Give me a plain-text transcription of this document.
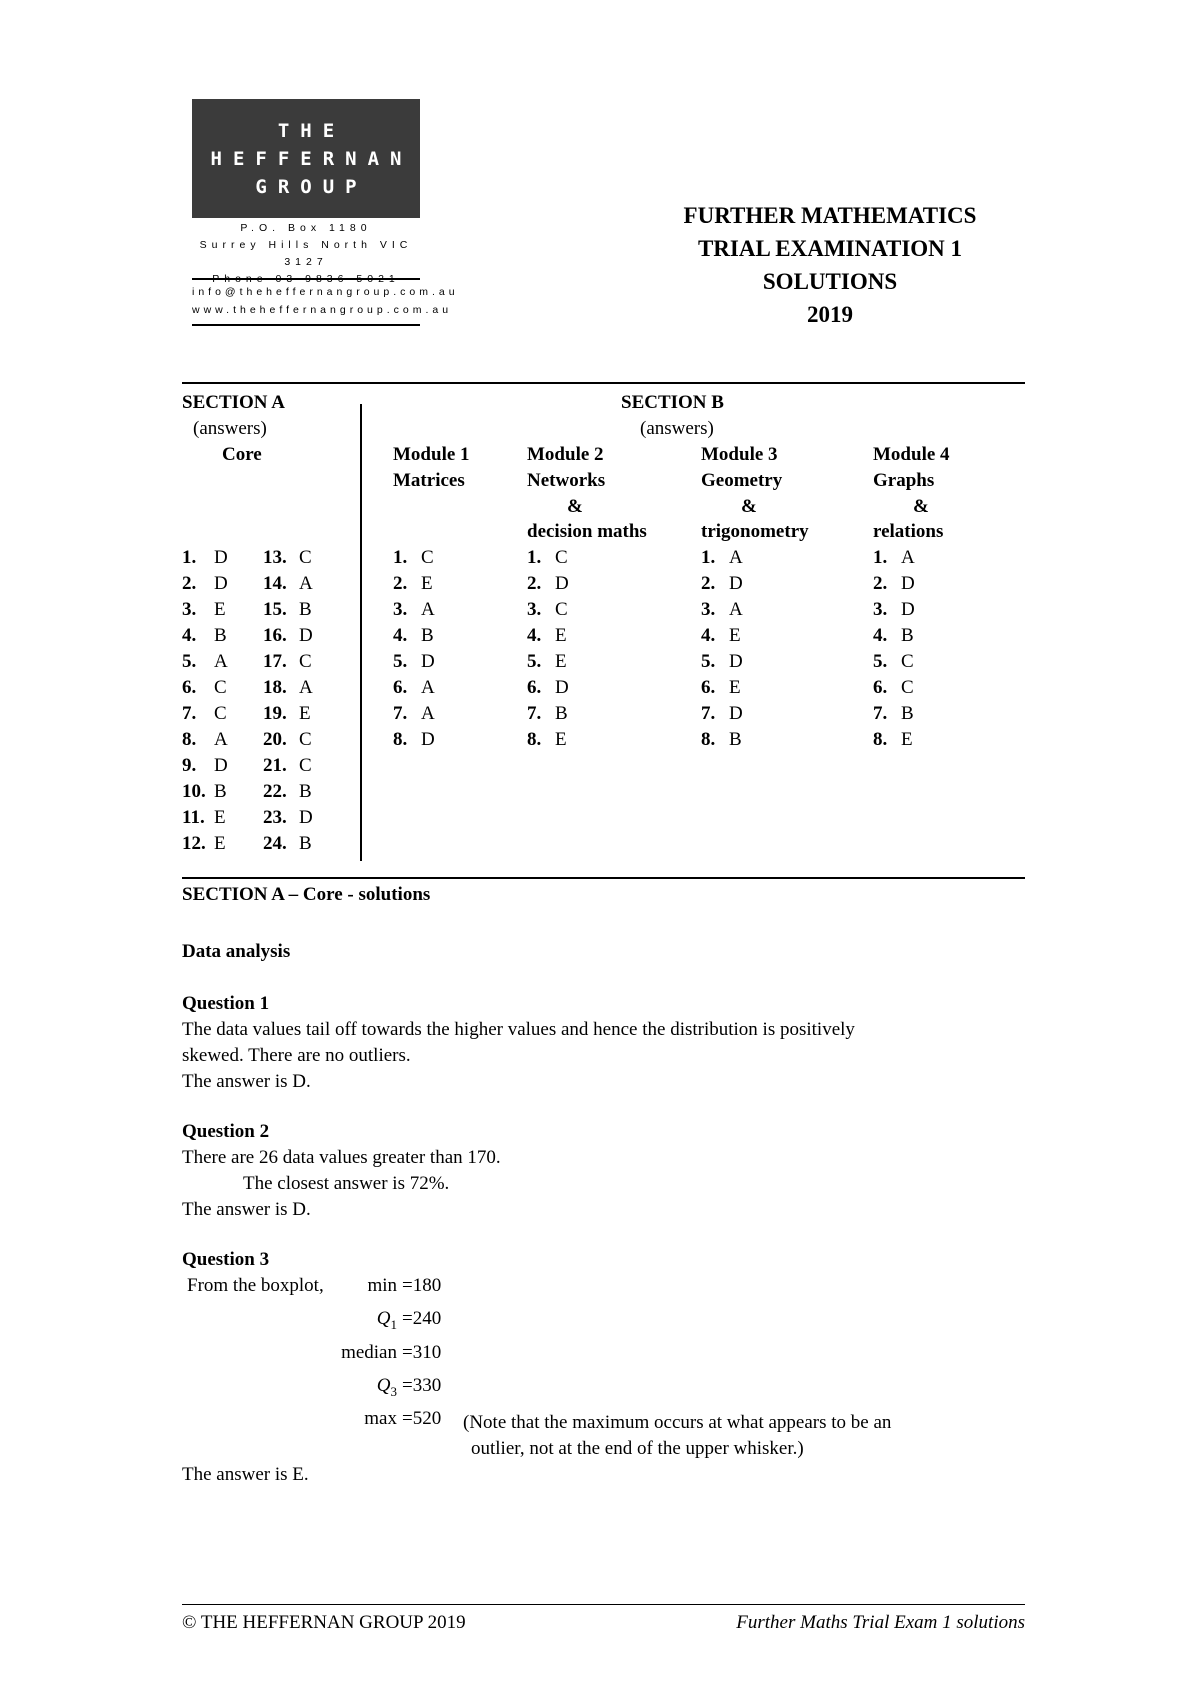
THE
HEFFERNAN
GROUP
P.O. Box 1180
Surrey Hills North VIC 3127
info@theheffernangroup.com.au
www.theheffernangroup.com.au
FURTHER MATHEMATICS
TRIAL EXAMINATION 1
SOLUTIONS
2019
SECTION A
(answers)
Core
1. D
2. D
3. E
4. B
5. A
6. C
7. C
8. A
9. D
10. B
11. E
12. E
13. C
14. A
15. B
16. D
17. C
18. A
19. E
20. C
21. C
22. B
23. D
24. B
SECTION B
(answers)
Module 1
Matrices
1. C
2. E
3. A
4. B
5. D
6. A
7. A
8. D
Module 2
Networks
&
decision maths
1. C
2. D
3. C
4. E
5. E
6. D
7. B
8. E
Module 3
Geometry
&
trigonometry
1. A
2. D
3. A
4. E
5. D
6. E
7. D
8. B
Module 4
Graphs
&
relations
1. A
2. D
3. D
4. B
5. C
6. C
7. B
8. E
SECTION A – Core - solutions
Data analysis
Question 1
The data values tail off towards the higher values and hence the distribution is positively
skewed. There are no outliers.
The answer is D.
Question 2
There are 26 data values greater than 170.
The closest answer is 72%.
The answer is D.
Question 3
From the boxplot, min =180
$Q_1 =240$
median =310
$Q_3 =330$
max =520 (Note that the maximum occurs at what appears to be an
outlier, not at the end of the upper whisker.)
The answer is E.
© THE HEFFERNAN GROUP 2019	Further Maths Trial Exam 1 solutions
